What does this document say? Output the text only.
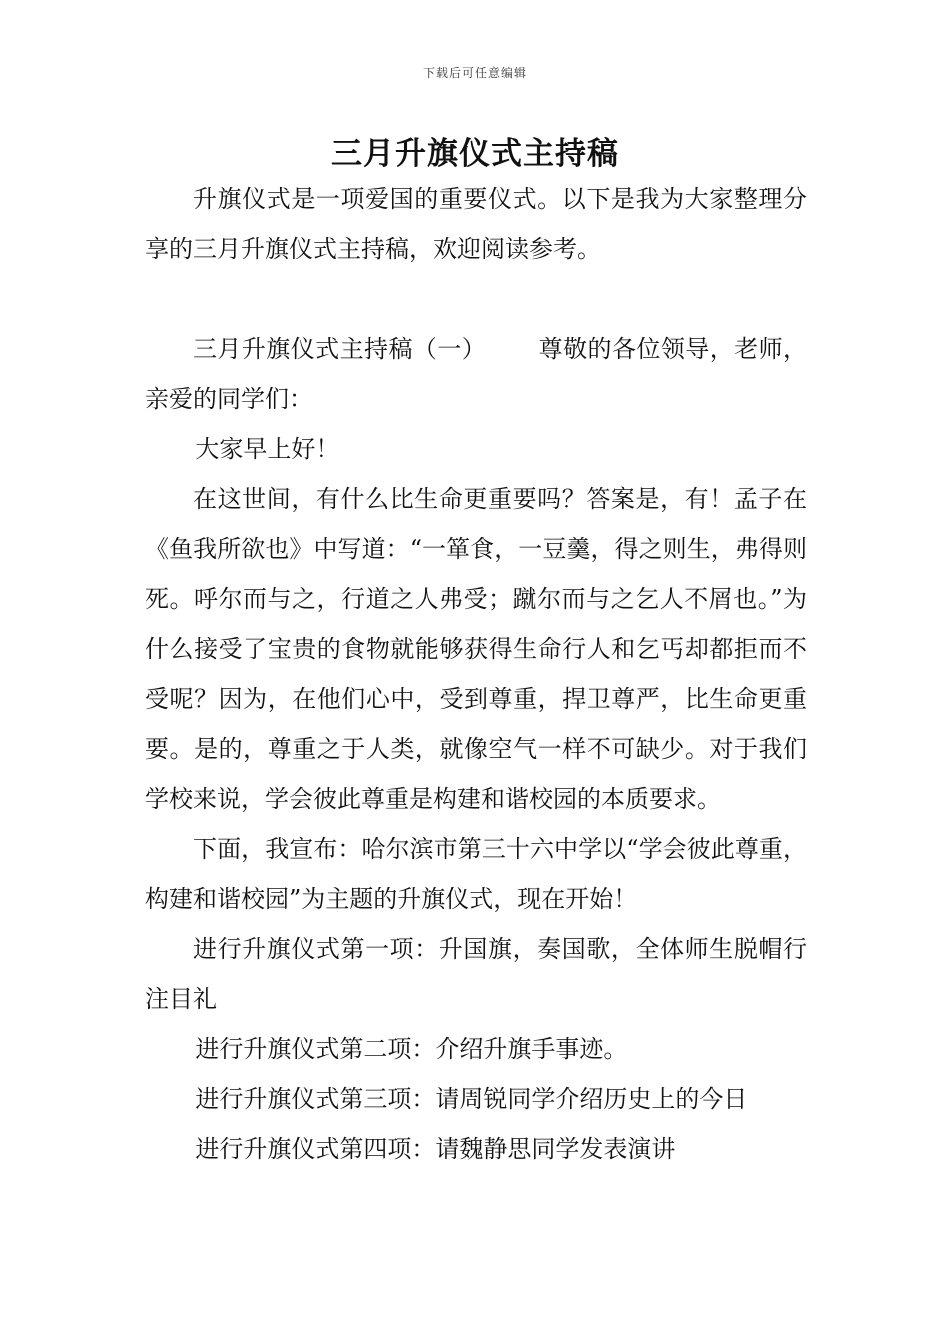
下载后可任意编辑
三月升旗仪式主持稿

升旗仪式是一项爱国的重要仪式。以下是我为大家整理分享的三月升旗仪式主持稿，欢迎阅读参考。

三月升旗仪式主持稿（一） 尊敬的各位领导，老师，亲爱的同学们：

大家早上好！

在这世间，有什么比生命更重要吗？答案是，有！孟子在《鱼我所欲也》中写道：“一箪食，一豆羹，得之则生，弗得则死。呼尔而与之，行道之人弗受；蹴尔而与之乞人不屑也。”为什么接受了宝贵的食物就能够获得生命行人和乞丐却都拒而不受呢？因为，在他们心中，受到尊重，捍卫尊严，比生命更重要。是的，尊重之于人类，就像空气一样不可缺少。对于我们学校来说，学会彼此尊重是构建和谐校园的本质要求。

下面，我宣布：哈尔滨市第三十六中学以“学会彼此尊重，构建和谐校园”为主题的升旗仪式，现在开始！

进行升旗仪式第一项：升国旗，奏国歌，全体师生脱帽行注目礼

进行升旗仪式第二项：介绍升旗手事迹。

进行升旗仪式第三项：请周锐同学介绍历史上的今日

进行升旗仪式第四项：请魏静思同学发表演讲
